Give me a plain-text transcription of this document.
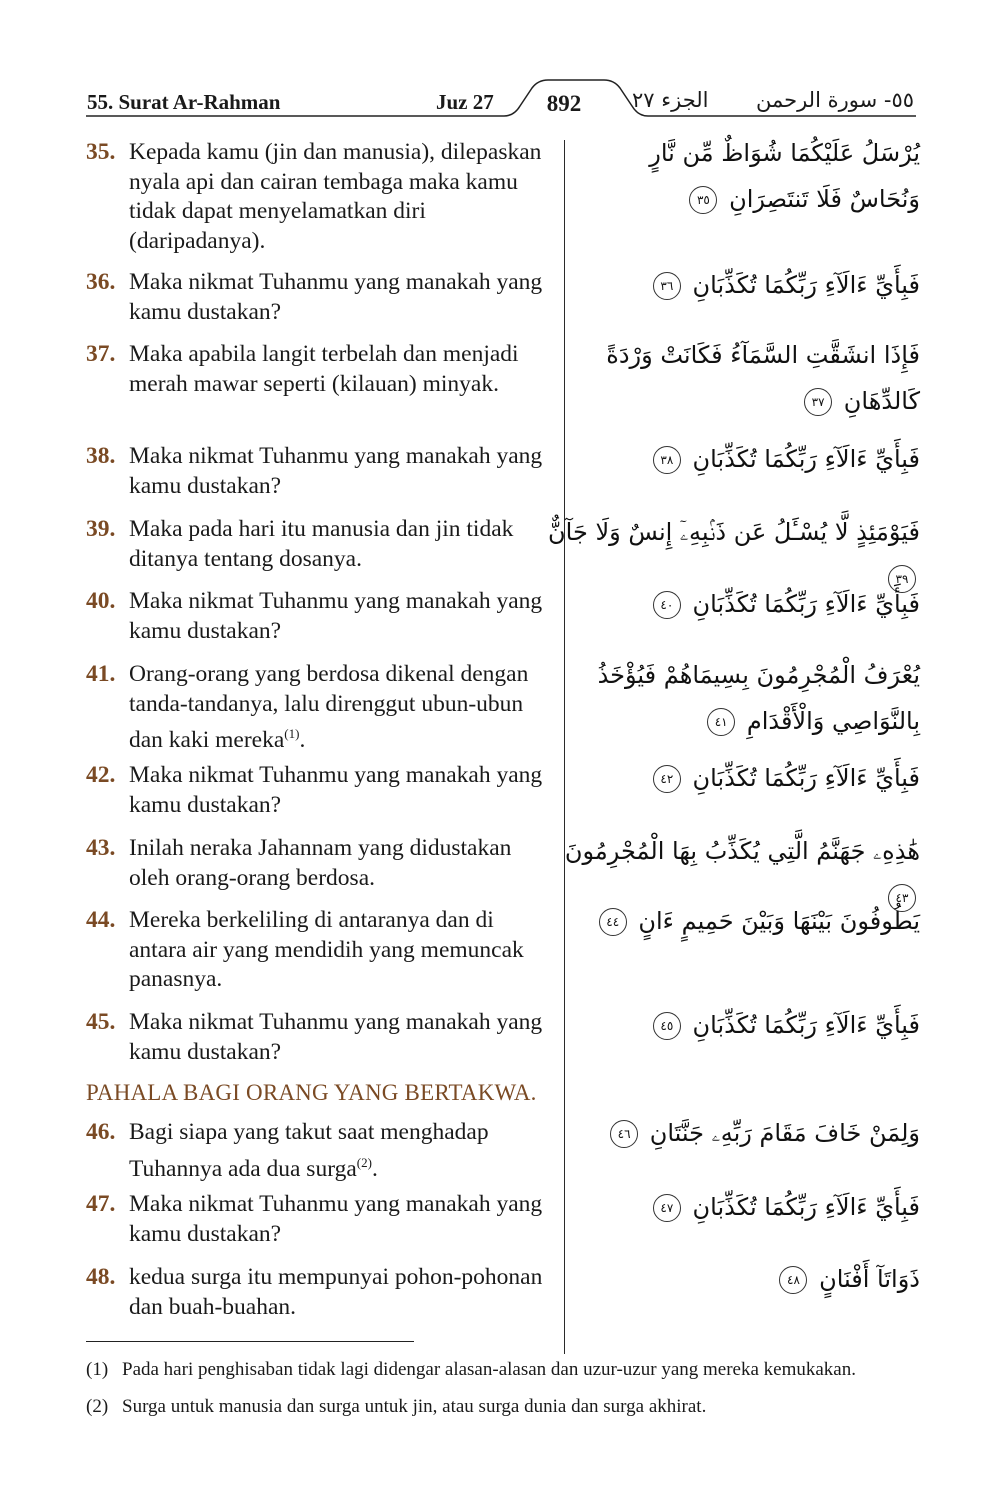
55. Surat Ar-Rahman	Juz 27	892	الجزء ٢٧ ٥٥- سورة الرحمن
35. Kepada kamu (jin dan manusia), dilepaskan nyala api dan cairan tembaga maka kamu tidak dapat menyelamatkan diri (daripadanya).
يُرْسَلُ عَلَيْكُمَا شُوَاظٌ مِّن نَّارٍ وَنُحَاسٌ فَلَا تَنتَصِرَانِ ٣٥
36. Maka nikmat Tuhanmu yang manakah yang kamu dustakan?
فَبِأَيِّ ءَالَآءِ رَبِّكُمَا تُكَذِّبَانِ ٣٦
37. Maka apabila langit terbelah dan menjadi merah mawar seperti (kilauan) minyak.
فَإِذَا انشَقَّتِ السَّمَآءُ فَكَانَتْ وَرْدَةً كَالدِّهَانِ ٣٧
38. Maka nikmat Tuhanmu yang manakah yang kamu dustakan?
فَبِأَيِّ ءَالَآءِ رَبِّكُمَا تُكَذِّبَانِ ٣٨
39. Maka pada hari itu manusia dan jin tidak ditanya tentang dosanya.
فَيَوْمَئِذٍ لَّا يُسْـَٔلُ عَن ذَنۢبِهِۦٓ إِنسٌ وَلَا جَآنٌّ ٣٩
40. Maka nikmat Tuhanmu yang manakah yang kamu dustakan?
فَبِأَيِّ ءَالَآءِ رَبِّكُمَا تُكَذِّبَانِ ٤٠
41. Orang-orang yang berdosa dikenal dengan tanda-tandanya, lalu direnggut ubun-ubun dan kaki mereka$^{(1)}$.
يُعْرَفُ الْمُجْرِمُونَ بِسِيمَاهُمْ فَيُؤْخَذُ بِالنَّوَاصِي وَالْأَقْدَامِ ٤١
42. Maka nikmat Tuhanmu yang manakah yang kamu dustakan?
فَبِأَيِّ ءَالَآءِ رَبِّكُمَا تُكَذِّبَانِ ٤٢
43. Inilah neraka Jahannam yang didustakan oleh orang-orang berdosa.
هَٰذِهِۦ جَهَنَّمُ الَّتِي يُكَذِّبُ بِهَا الْمُجْرِمُونَ ٤٣
44. Mereka berkeliling di antaranya dan di antara air yang mendidih yang memuncak panasnya.
يَطُوفُونَ بَيْنَهَا وَبَيْنَ حَمِيمٍ ءَانٍ ٤٤
45. Maka nikmat Tuhanmu yang manakah yang kamu dustakan?
فَبِأَيِّ ءَالَآءِ رَبِّكُمَا تُكَذِّبَانِ ٤٥
PAHALA BAGI ORANG YANG BERTAKWA.
46. Bagi siapa yang takut saat menghadap Tuhannya ada dua surga$^{(2)}$.
وَلِمَنْ خَافَ مَقَامَ رَبِّهِۦ جَنَّتَانِ ٤٦
47. Maka nikmat Tuhanmu yang manakah yang kamu dustakan?
فَبِأَيِّ ءَالَآءِ رَبِّكُمَا تُكَذِّبَانِ ٤٧
48. kedua surga itu mempunyai pohon-pohonan dan buah-buahan.
ذَوَاتَآ أَفْنَانٍ ٤٨
(1) Pada hari penghisaban tidak lagi didengar alasan-alasan dan uzur-uzur yang mereka kemukakan.
(2) Surga untuk manusia dan surga untuk jin, atau surga dunia dan surga akhirat.
